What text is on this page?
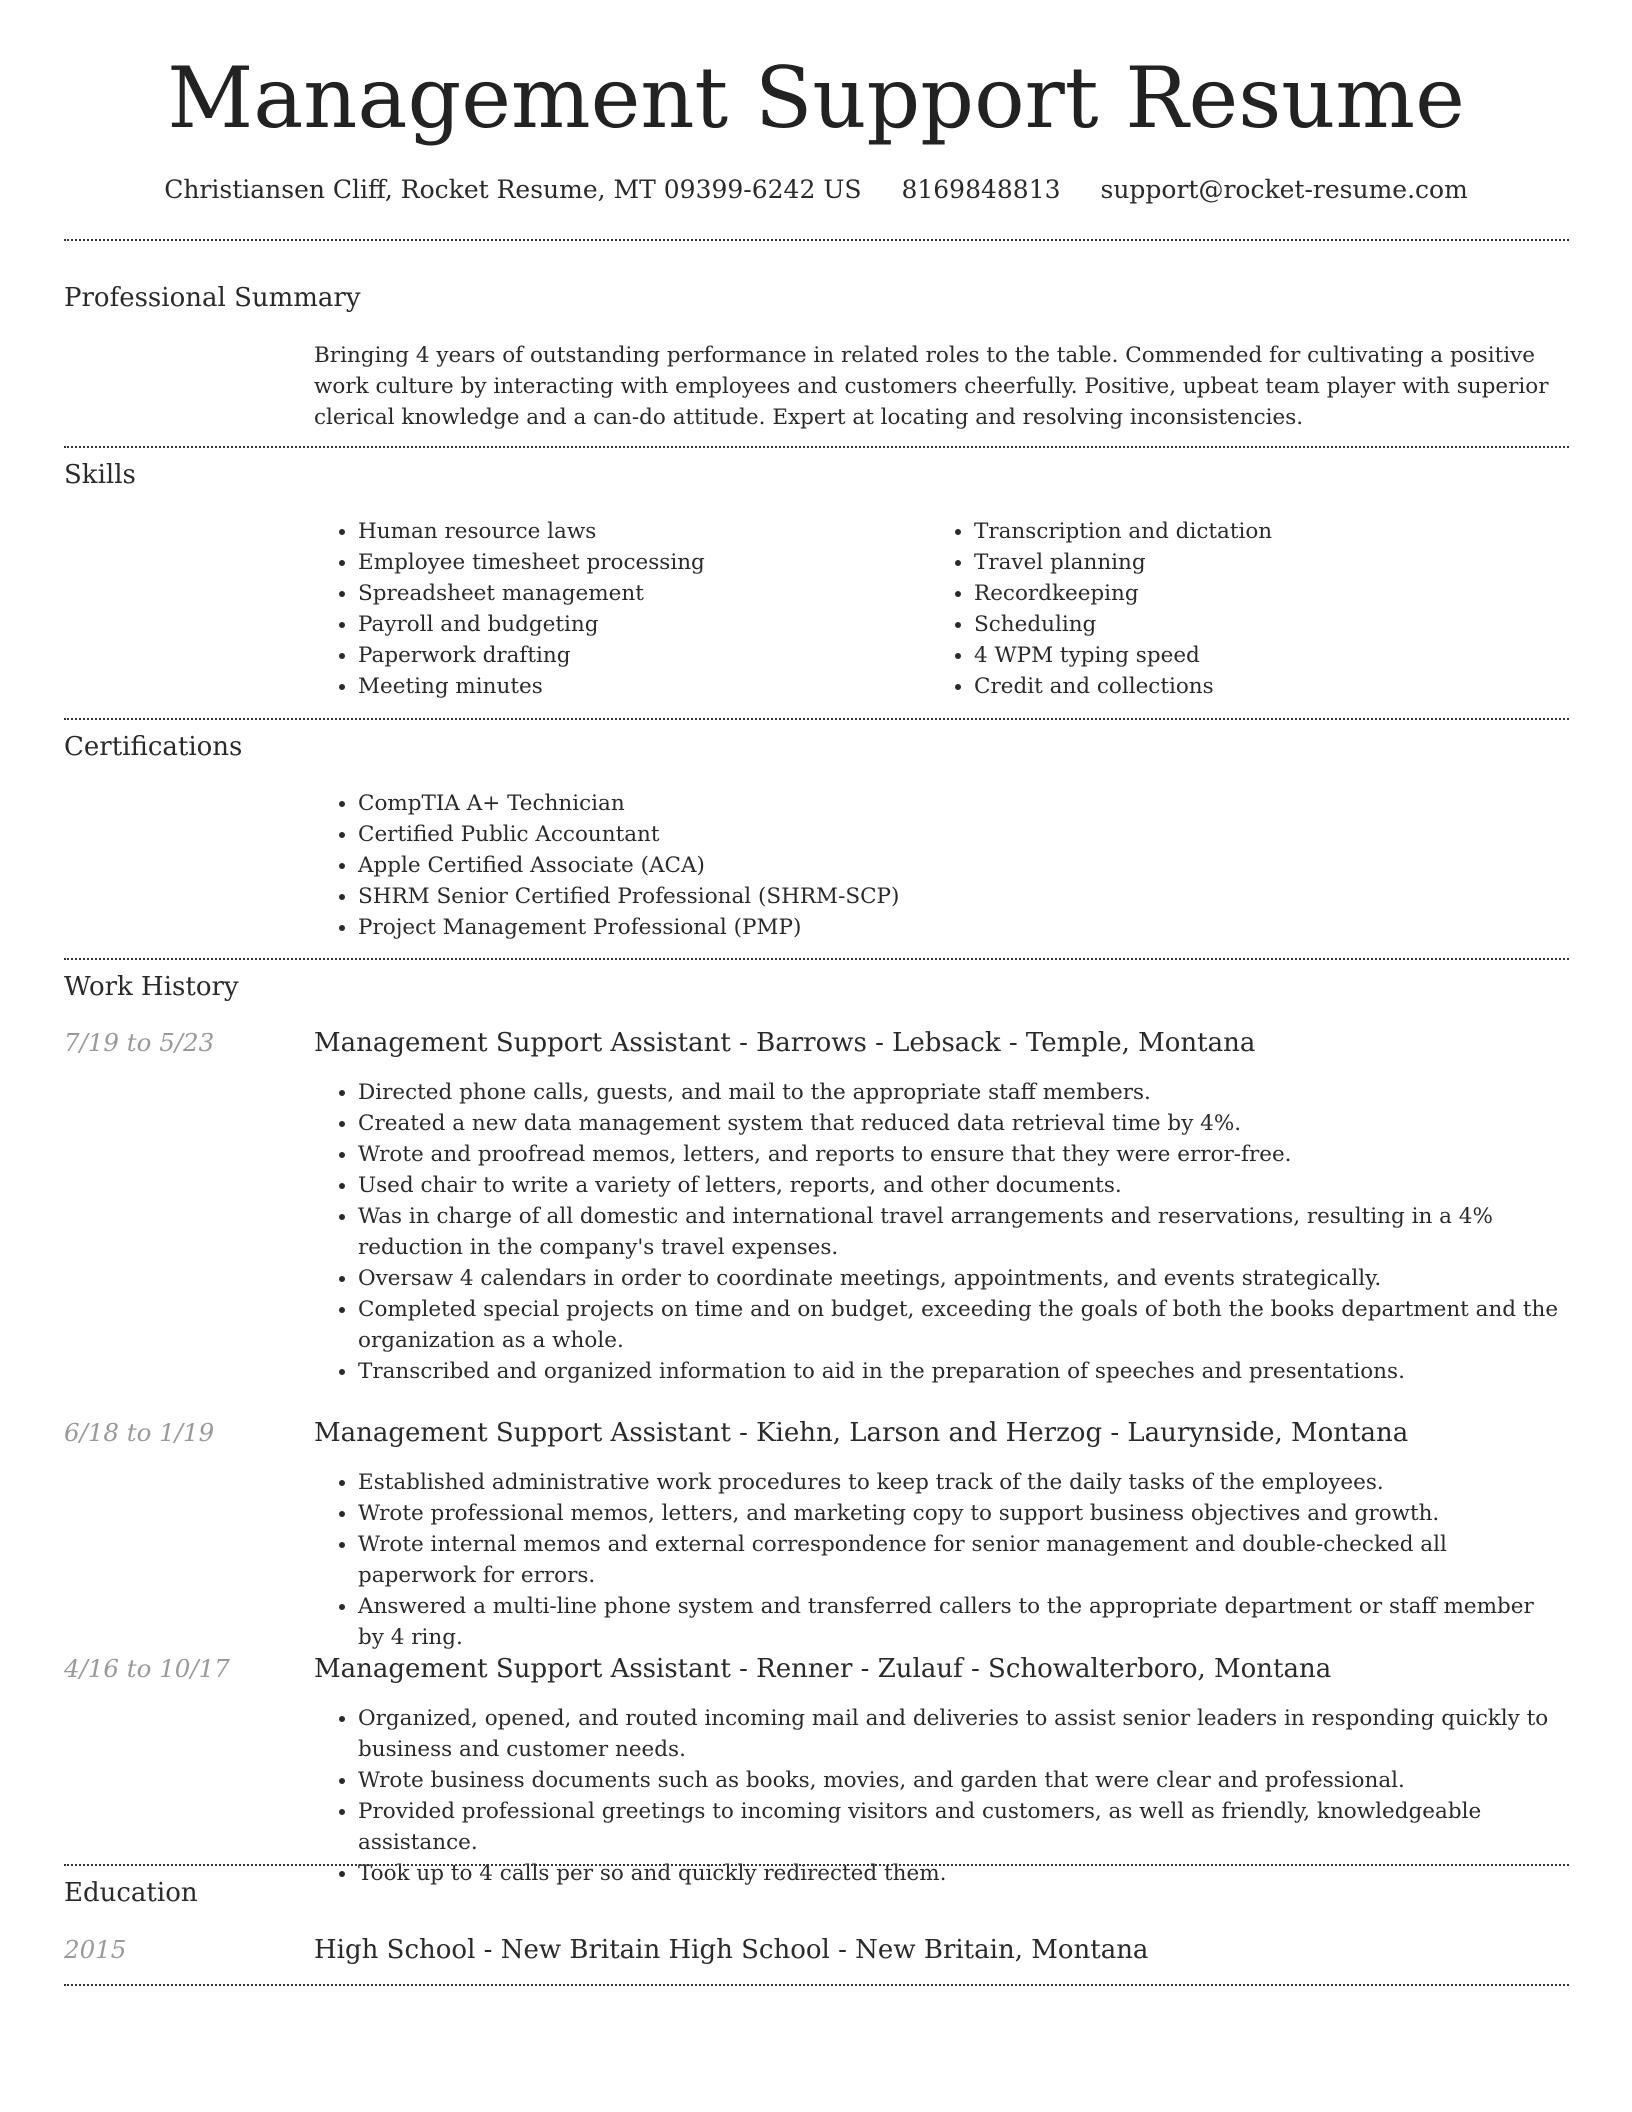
Management Support Resume
Christiansen Cliff, Rocket Resume, MT 09399-6242 US 8169848813 support@rocket-resume.com
Professional Summary
Bringing 4 years of outstanding performance in related roles to the table. Commended for cultivating a positive work culture by interacting with employees and customers cheerfully. Positive, upbeat team player with superior clerical knowledge and a can-do attitude. Expert at locating and resolving inconsistencies.
Skills
• Human resource laws
• Employee timesheet processing
• Spreadsheet management
• Payroll and budgeting
• Paperwork drafting
• Meeting minutes
• Transcription and dictation
• Travel planning
• Recordkeeping
• Scheduling
• 4 WPM typing speed
• Credit and collections
Certifications
• CompTIA A+ Technician
• Certified Public Accountant
• Apple Certified Associate (ACA)
• SHRM Senior Certified Professional (SHRM-SCP)
• Project Management Professional (PMP)
Work History
7/19 to 5/23	Management Support Assistant - Barrows - Lebsack - Temple, Montana
• Directed phone calls, guests, and mail to the appropriate staff members.
• Created a new data management system that reduced data retrieval time by 4%.
• Wrote and proofread memos, letters, and reports to ensure that they were error-free.
• Used chair to write a variety of letters, reports, and other documents.
• Was in charge of all domestic and international travel arrangements and reservations, resulting in a 4% reduction in the company's travel expenses.
• Oversaw 4 calendars in order to coordinate meetings, appointments, and events strategically.
• Completed special projects on time and on budget, exceeding the goals of both the books department and the organization as a whole.
• Transcribed and organized information to aid in the preparation of speeches and presentations.
6/18 to 1/19	Management Support Assistant - Kiehn, Larson and Herzog - Laurynside, Montana
• Established administrative work procedures to keep track of the daily tasks of the employees.
• Wrote professional memos, letters, and marketing copy to support business objectives and growth.
• Wrote internal memos and external correspondence for senior management and double-checked all paperwork for errors.
• Answered a multi-line phone system and transferred callers to the appropriate department or staff member by 4 ring.
4/16 to 10/17	Management Support Assistant - Renner - Zulauf - Schowalterboro, Montana
• Organized, opened, and routed incoming mail and deliveries to assist senior leaders in responding quickly to business and customer needs.
• Wrote business documents such as books, movies, and garden that were clear and professional.
• Provided professional greetings to incoming visitors and customers, as well as friendly, knowledgeable assistance.
• Took up to 4 calls per so and quickly redirected them.
Education
2015	High School - New Britain High School - New Britain, Montana
